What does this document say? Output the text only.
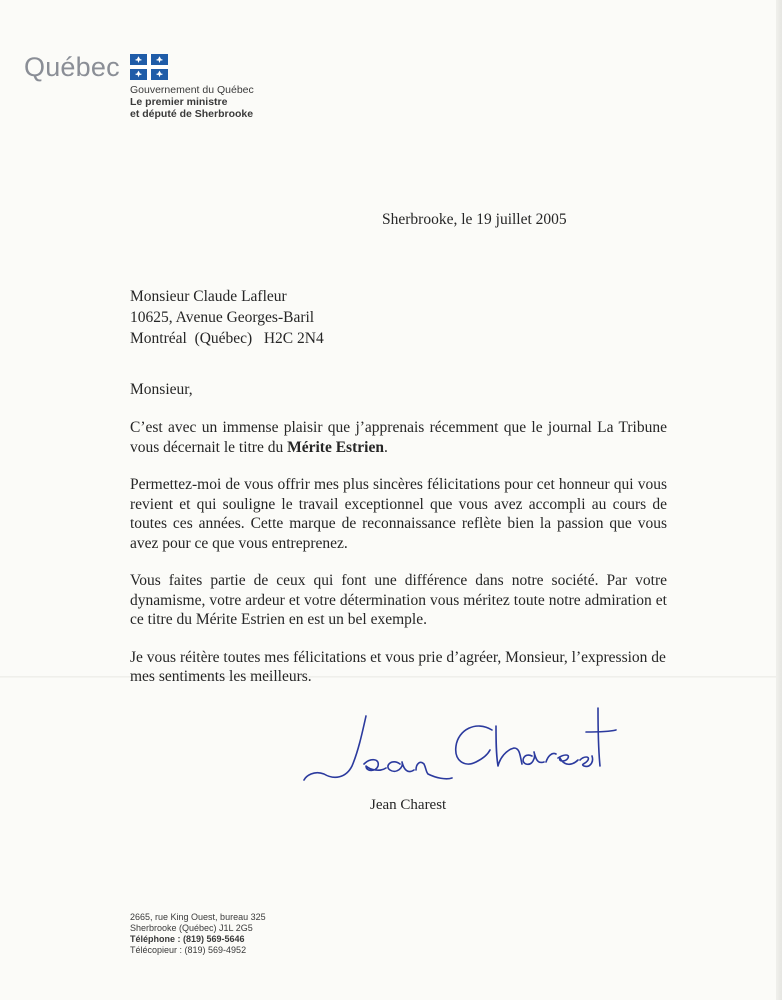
Québec
Gouvernement du Québec
Le premier ministre
et député de Sherbrooke
Sherbrooke, le 19 juillet 2005
Monsieur Claude Lafleur
10625, Avenue Georges-Baril
Montréal  (Québec)   H2C 2N4
Monsieur,

C’est avec un immense plaisir que j’apprenais récemment que le journal La Tribune vous décernait le titre du Mérite Estrien.

Permettez-moi de vous offrir mes plus sincères félicitations pour cet honneur qui vous revient et qui souligne le travail exceptionnel que vous avez accompli au cours de toutes ces années. Cette marque de reconnaissance reflète bien la passion que vous avez pour ce que vous entreprenez.

Vous faites partie de ceux qui font une différence dans notre société. Par votre dynamisme, votre ardeur et votre détermination vous méritez toute notre admiration et ce titre du Mérite Estrien en est un bel exemple.

Je vous réitère toutes mes félicitations et vous prie d’agréer, Monsieur, l’expression de mes sentiments les meilleurs.

Jean Charest
2665, rue King Ouest, bureau 325
Sherbrooke (Québec) J1L 2G5
Téléphone : (819) 569-5646
Télécopieur : (819) 569-4952
